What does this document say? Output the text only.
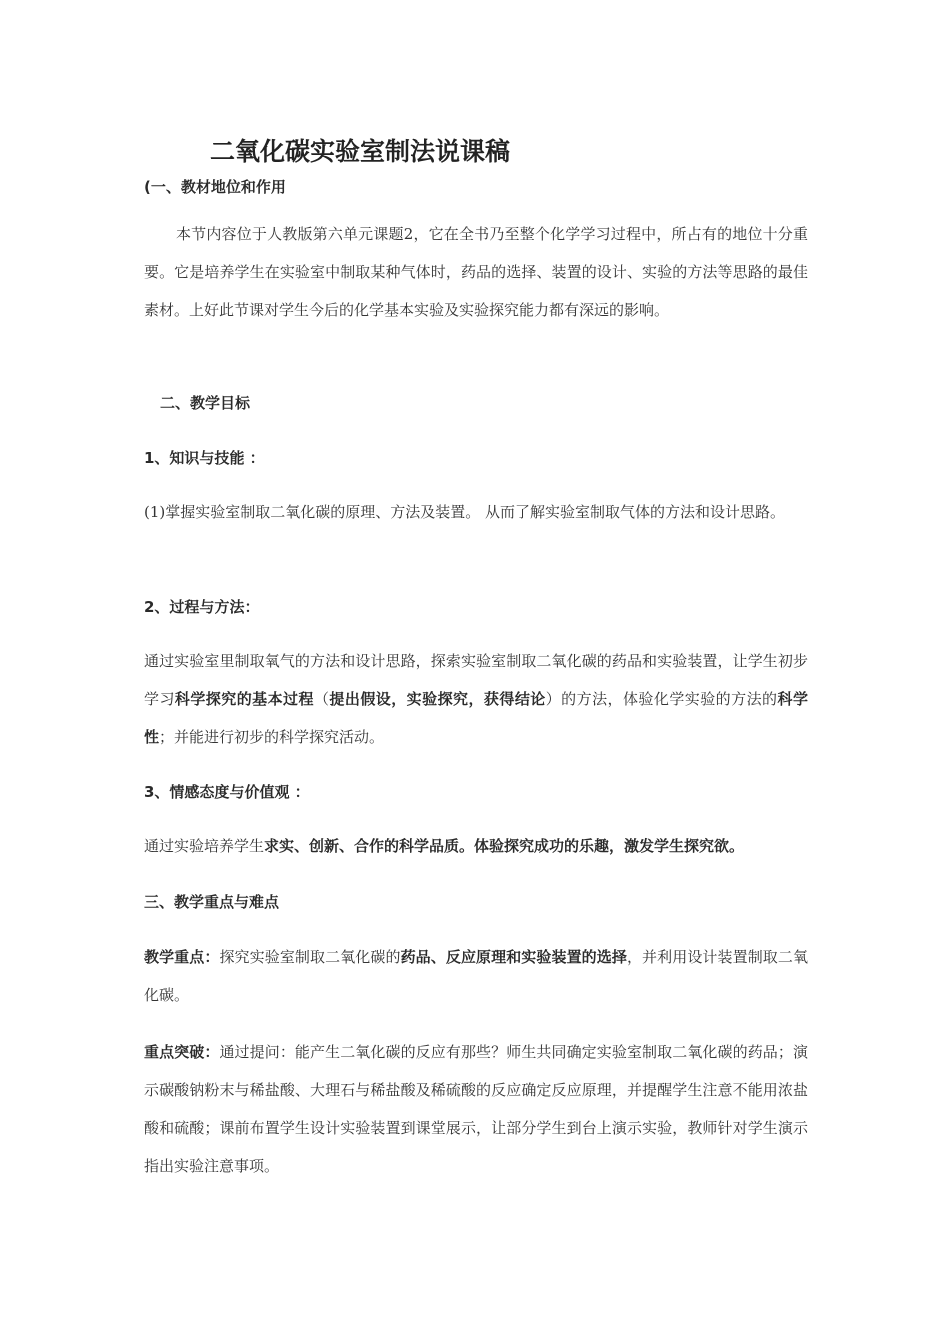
二氧化碳实验室制法说课稿
(一、教材地位和作用

本节内容位于人教版第六单元课题2，它在全书乃至整个化学学习过程中，所占有的地位十分重要。它是培养学生在实验室中制取某种气体时，药品的选择、装置的设计、实验的方法等思路的最佳素材。上好此节课对学生今后的化学基本实验及实验探究能力都有深远的影响。

二、教学目标
1、知识与技能 ：

(1)掌握实验室制取二氧化碳的原理、方法及装置。 从而了解实验室制取气体的方法和设计思路。

2、过程与方法：

通过实验室里制取氧气的方法和设计思路，探索实验室制取二氧化碳的药品和实验装置，让学生初步学习科学探究的基本过程（提出假设，实验探究，获得结论）的方法，体验化学实验的方法的科学性；并能进行初步的科学探究活动。

3、情感态度与价值观 ：

通过实验培养学生求实、创新、合作的科学品质。体验探究成功的乐趣，激发学生探究欲。

三、教学重点与难点

教学重点：探究实验室制取二氧化碳的药品、反应原理和实验装置的选择，并利用设计装置制取二氧化碳。

重点突破：通过提问：能产生二氧化碳的反应有那些？师生共同确定实验室制取二氧化碳的药品；演示碳酸钠粉末与稀盐酸、大理石与稀盐酸及稀硫酸的反应确定反应原理，并提醒学生注意不能用浓盐酸和硫酸；课前布置学生设计实验装置到课堂展示，让部分学生到台上演示实验，教师针对学生演示指出实验注意事项。
